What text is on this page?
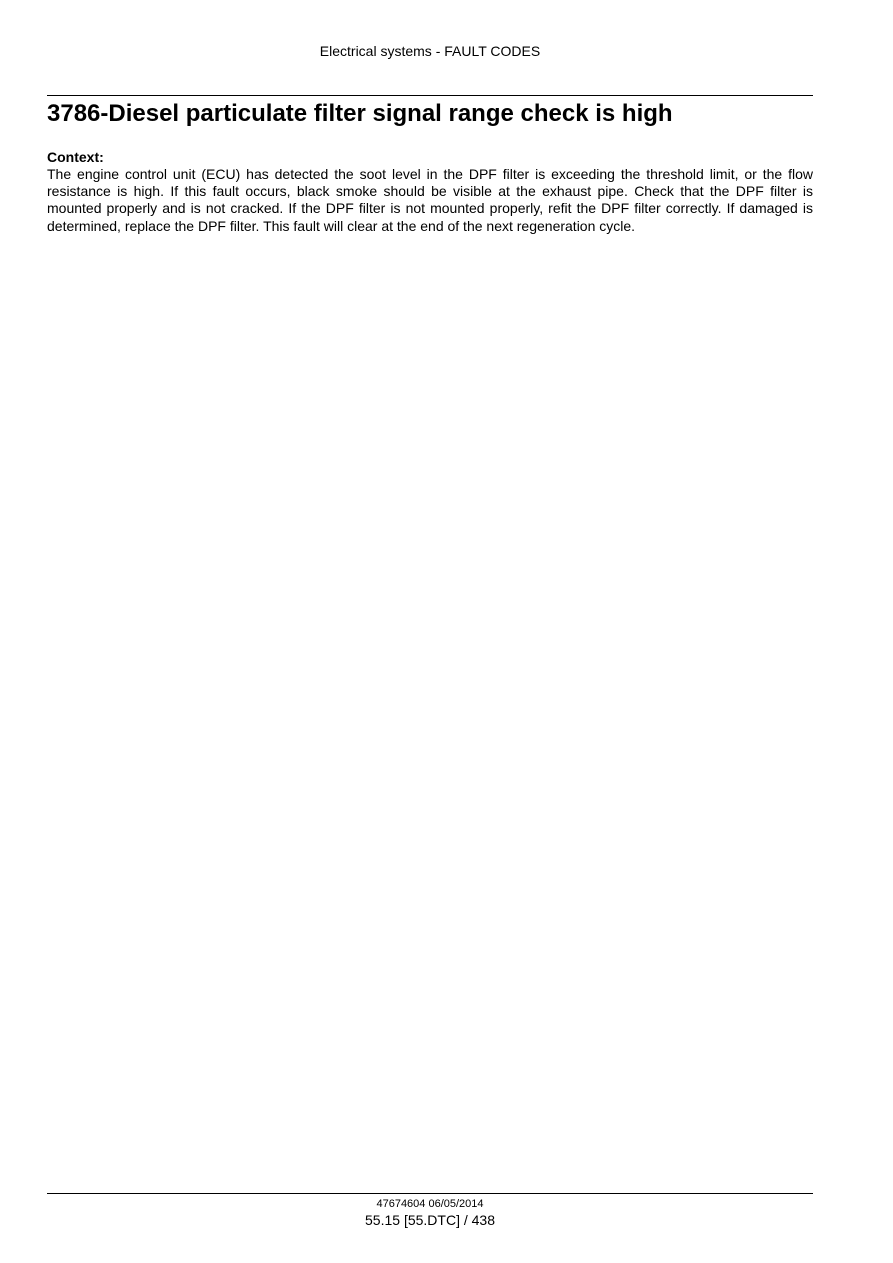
Electrical systems - FAULT CODES
3786-Diesel particulate filter signal range check is high
Context:

The engine control unit (ECU) has detected the soot level in the DPF filter is exceeding the threshold limit, or the flow resistance is high. If this fault occurs, black smoke should be visible at the exhaust pipe. Check that the DPF filter is mounted properly and is not cracked. If the DPF filter is not mounted properly, refit the DPF filter correctly. If damaged is determined, replace the DPF filter. This fault will clear at the end of the next regeneration cycle.

47674604 06/05/2014
55.15 [55.DTC] / 438
